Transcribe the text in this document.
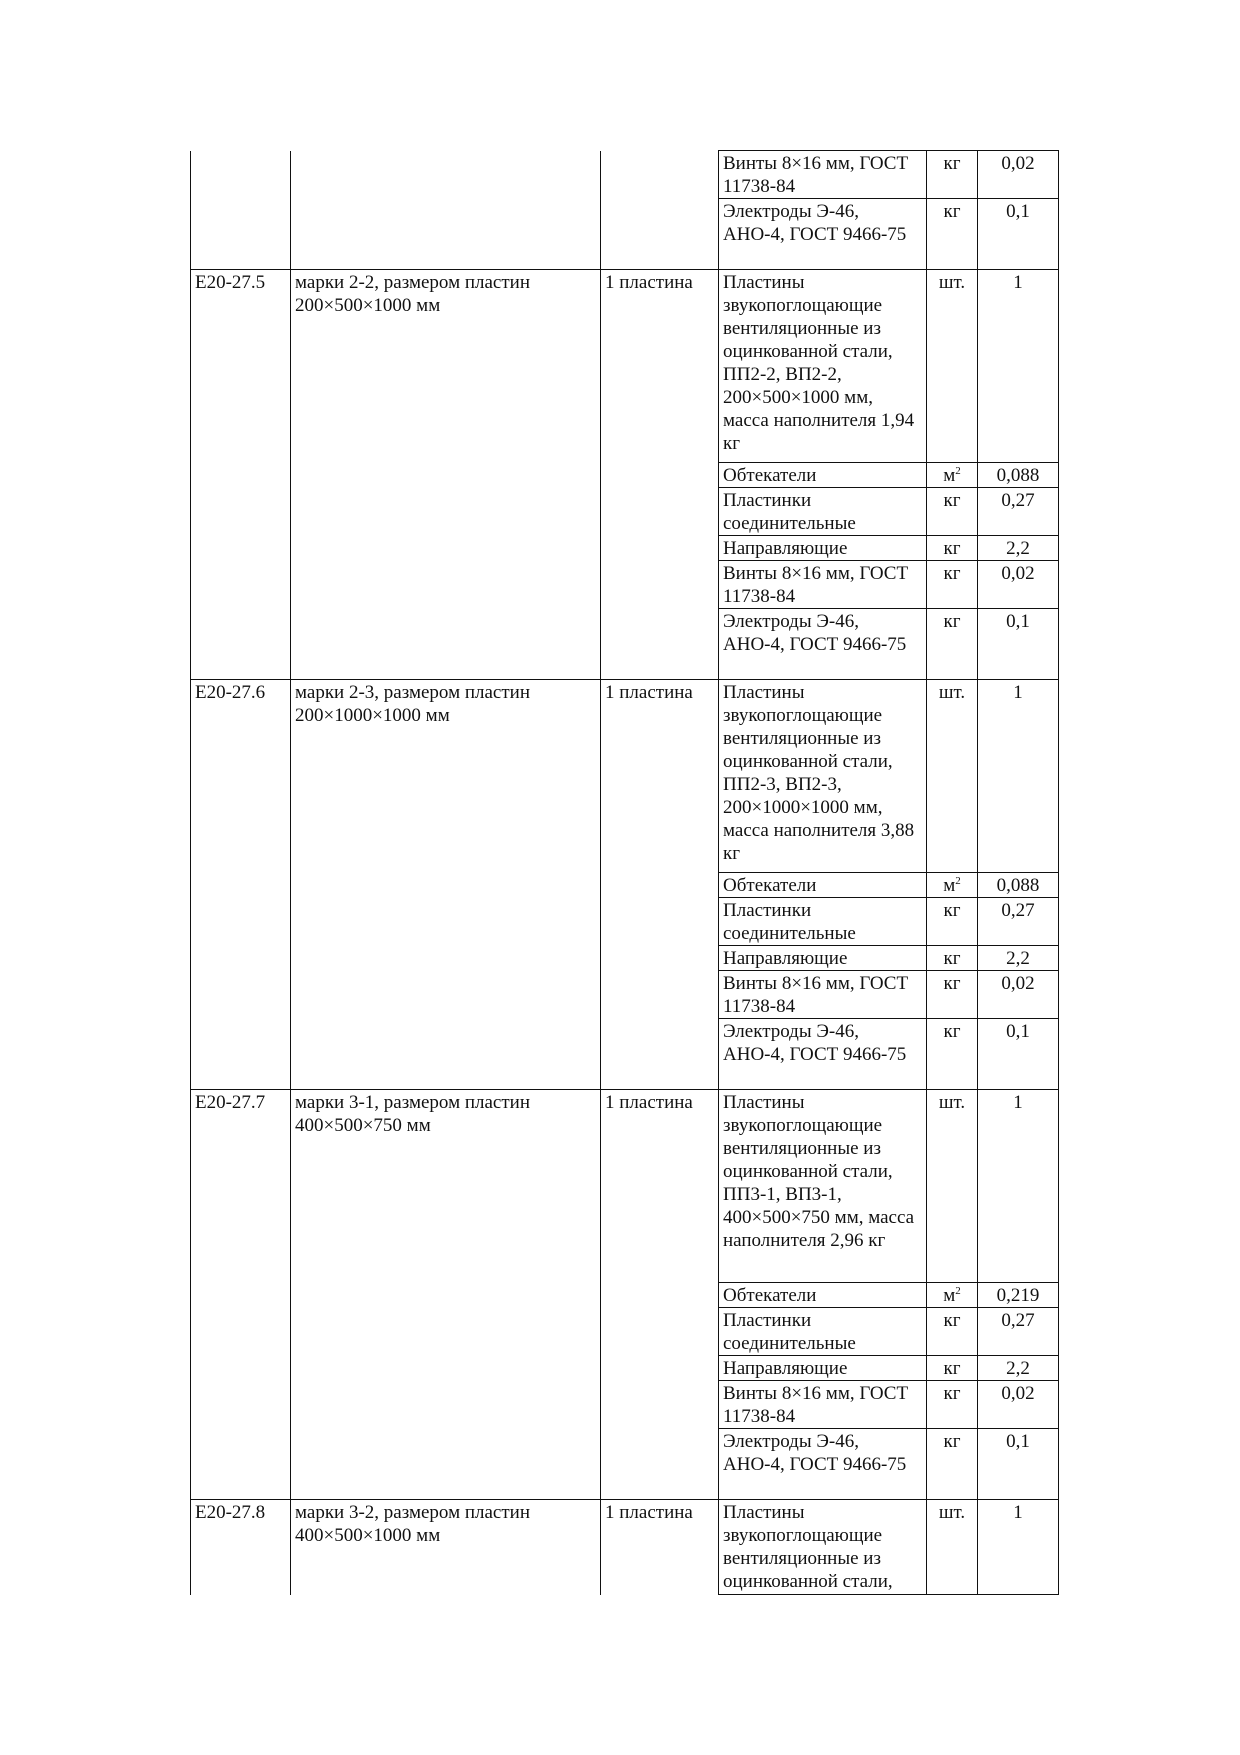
			Винты 8×16 мм, ГОСТ 11738-84	кг	0,02
			Электроды Э-46, АНО-4, ГОСТ 9466-75	кг	0,1
Е20-27.5	марки 2-2, размером пластин 200×500×1000 мм	1 пластина	Пластины звукопоглощающие вентиляционные из оцинкованной стали, ПП2-2, ВП2-2, 200×500×1000 мм, масса наполнителя 1,94 кг	шт.	1
			Обтекатели	$м^2$	0,088
			Пластинки соединительные	кг	0,27
			Направляющие	кг	2,2
			Винты 8×16 мм, ГОСТ 11738-84	кг	0,02
			Электроды Э-46, АНО-4, ГОСТ 9466-75	кг	0,1
Е20-27.6	марки 2-3, размером пластин 200×1000×1000 мм	1 пластина	Пластины звукопоглощающие вентиляционные из оцинкованной стали, ПП2-3, ВП2-3, 200×1000×1000 мм, масса наполнителя 3,88 кг	шт.	1
			Обтекатели	$м^2$	0,088
			Пластинки соединительные	кг	0,27
			Направляющие	кг	2,2
			Винты 8×16 мм, ГОСТ 11738-84	кг	0,02
			Электроды Э-46, АНО-4, ГОСТ 9466-75	кг	0,1
Е20-27.7	марки 3-1, размером пластин 400×500×750 мм	1 пластина	Пластины звукопоглощающие вентиляционные из оцинкованной стали, ПП3-1, ВП3-1, 400×500×750 мм, масса наполнителя 2,96 кг	шт.	1
			Обтекатели	$м^2$	0,219
			Пластинки соединительные	кг	0,27
			Направляющие	кг	2,2
			Винты 8×16 мм, ГОСТ 11738-84	кг	0,02
			Электроды Э-46, АНО-4, ГОСТ 9466-75	кг	0,1
Е20-27.8	марки 3-2, размером пластин 400×500×1000 мм	1 пластина	Пластины звукопоглощающие вентиляционные из оцинкованной стали,	шт.	1
